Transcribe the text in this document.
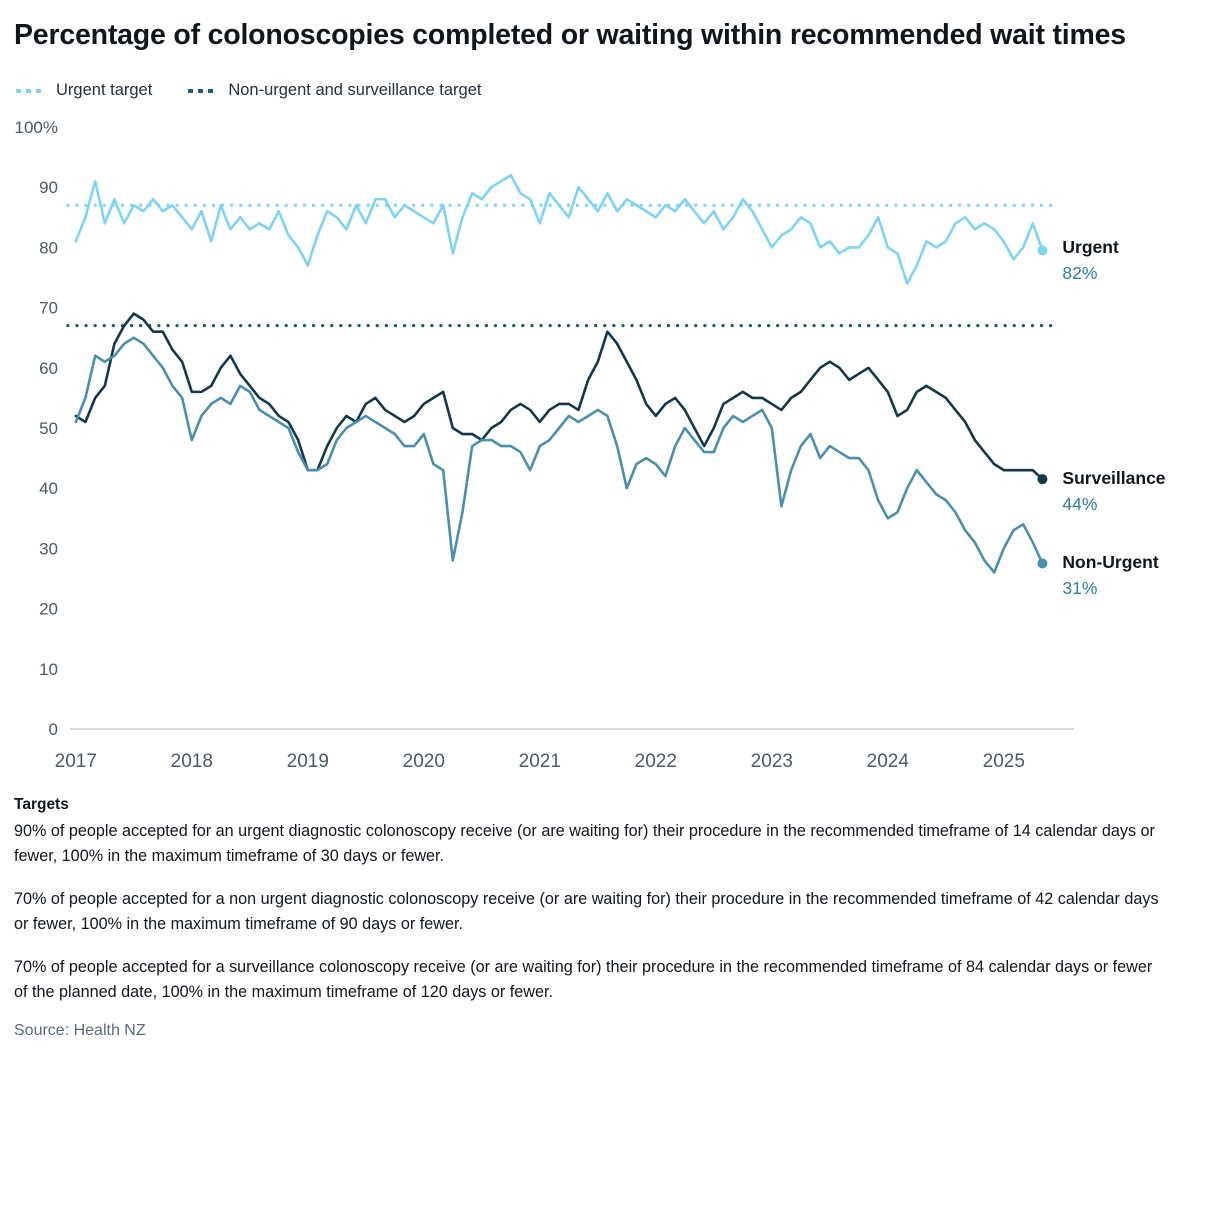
Percentage of colonoscopies completed or waiting within recommended wait times
Urgent target	Non-urgent and surveillance target
0
10
20
30
40
50
60
70
80
90
100%
2017	2018	2019	2020	2021	2022	2023	2024	2025
Urgent
82%
Surveillance
44%
Non-Urgent
31%
Targets

90% of people accepted for an urgent diagnostic colonoscopy receive (or are waiting for) their procedure in the recommended timeframe of 14 calendar days or fewer, 100% in the maximum timeframe of 30 days or fewer.

70% of people accepted for a non urgent diagnostic colonoscopy receive (or are waiting for) their procedure in the recommended timeframe of 42 calendar days or fewer, 100% in the maximum timeframe of 90 days or fewer.

70% of people accepted for a surveillance colonoscopy receive (or are waiting for) their procedure in the recommended timeframe of 84 calendar days or fewer of the planned date, 100% in the maximum timeframe of 120 days or fewer.

Source: Health NZ
